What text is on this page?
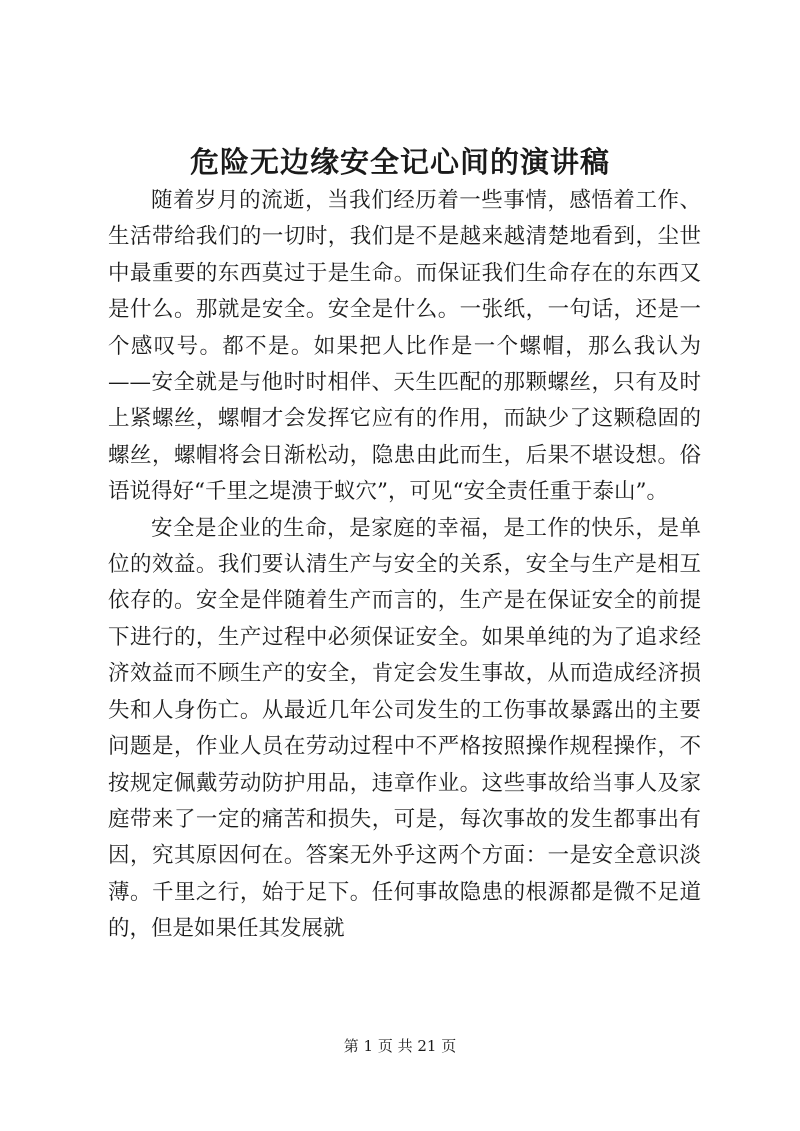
危险无边缘安全记心间的演讲稿

随着岁月的流逝，当我们经历着一些事情，感悟着工作、生活带给我们的一切时，我们是不是越来越清楚地看到，尘世中最重要的东西莫过于是生命。而保证我们生命存在的东西又是什么。那就是安全。安全是什么。一张纸，一句话，还是一个感叹号。都不是。如果把人比作是一个螺帽，那么我认为——安全就是与他时时相伴、天生匹配的那颗螺丝，只有及时上紧螺丝，螺帽才会发挥它应有的作用，而缺少了这颗稳固的螺丝，螺帽将会日渐松动，隐患由此而生，后果不堪设想。俗语说得好“千里之堤溃于蚁穴”，可见“安全责任重于泰山”。

安全是企业的生命，是家庭的幸福，是工作的快乐，是单位的效益。我们要认清生产与安全的关系，安全与生产是相互依存的。安全是伴随着生产而言的，生产是在保证安全的前提下进行的，生产过程中必须保证安全。如果单纯的为了追求经济效益而不顾生产的安全，肯定会发生事故，从而造成经济损失和人身伤亡。从最近几年公司发生的工伤事故暴露出的主要问题是，作业人员在劳动过程中不严格按照操作规程操作，不按规定佩戴劳动防护用品，违章作业。这些事故给当事人及家庭带来了一定的痛苦和损失，可是，每次事故的发生都事出有因，究其原因何在。答案无外乎这两个方面：一是安全意识淡薄。千里之行，始于足下。任何事故隐患的根源都是微不足道的，但是如果任其发展就

第 1 页 共 21 页
